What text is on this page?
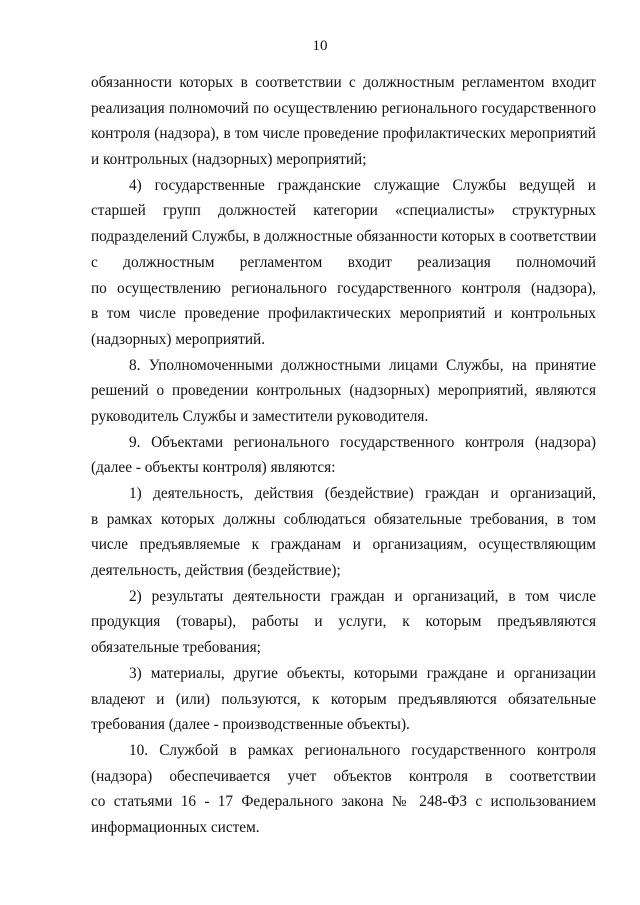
10
обязанности которых в соответствии с должностным регламентом входит
реализация полномочий по осуществлению регионального государственного
контроля (надзора), в том числе проведение профилактических мероприятий
и контрольных (надзорных) мероприятий;
4) государственные гражданские служащие Службы ведущей и
старшей групп должностей категории «специалисты» структурных
подразделений Службы, в должностные обязанности которых в соответствии
с должностным регламентом входит реализация полномочий
по осуществлению регионального государственного контроля (надзора),
в том числе проведение профилактических мероприятий и контрольных
(надзорных) мероприятий.
8. Уполномоченными должностными лицами Службы, на принятие
решений о проведении контрольных (надзорных) мероприятий, являются
руководитель Службы и заместители руководителя.
9. Объектами регионального государственного контроля (надзора)
(далее - объекты контроля) являются:
1) деятельность, действия (бездействие) граждан и организаций,
в рамках которых должны соблюдаться обязательные требования, в том
числе предъявляемые к гражданам и организациям, осуществляющим
деятельность, действия (бездействие);
2) результаты деятельности граждан и организаций, в том числе
продукция (товары), работы и услуги, к которым предъявляются
обязательные требования;
3) материалы, другие объекты, которыми граждане и организации
владеют и (или) пользуются, к которым предъявляются обязательные
требования (далее - производственные объекты).
10. Службой в рамках регионального государственного контроля
(надзора) обеспечивается учет объектов контроля в соответствии
со статьями 16 - 17 Федерального закона № 248-ФЗ с использованием
информационных систем.
